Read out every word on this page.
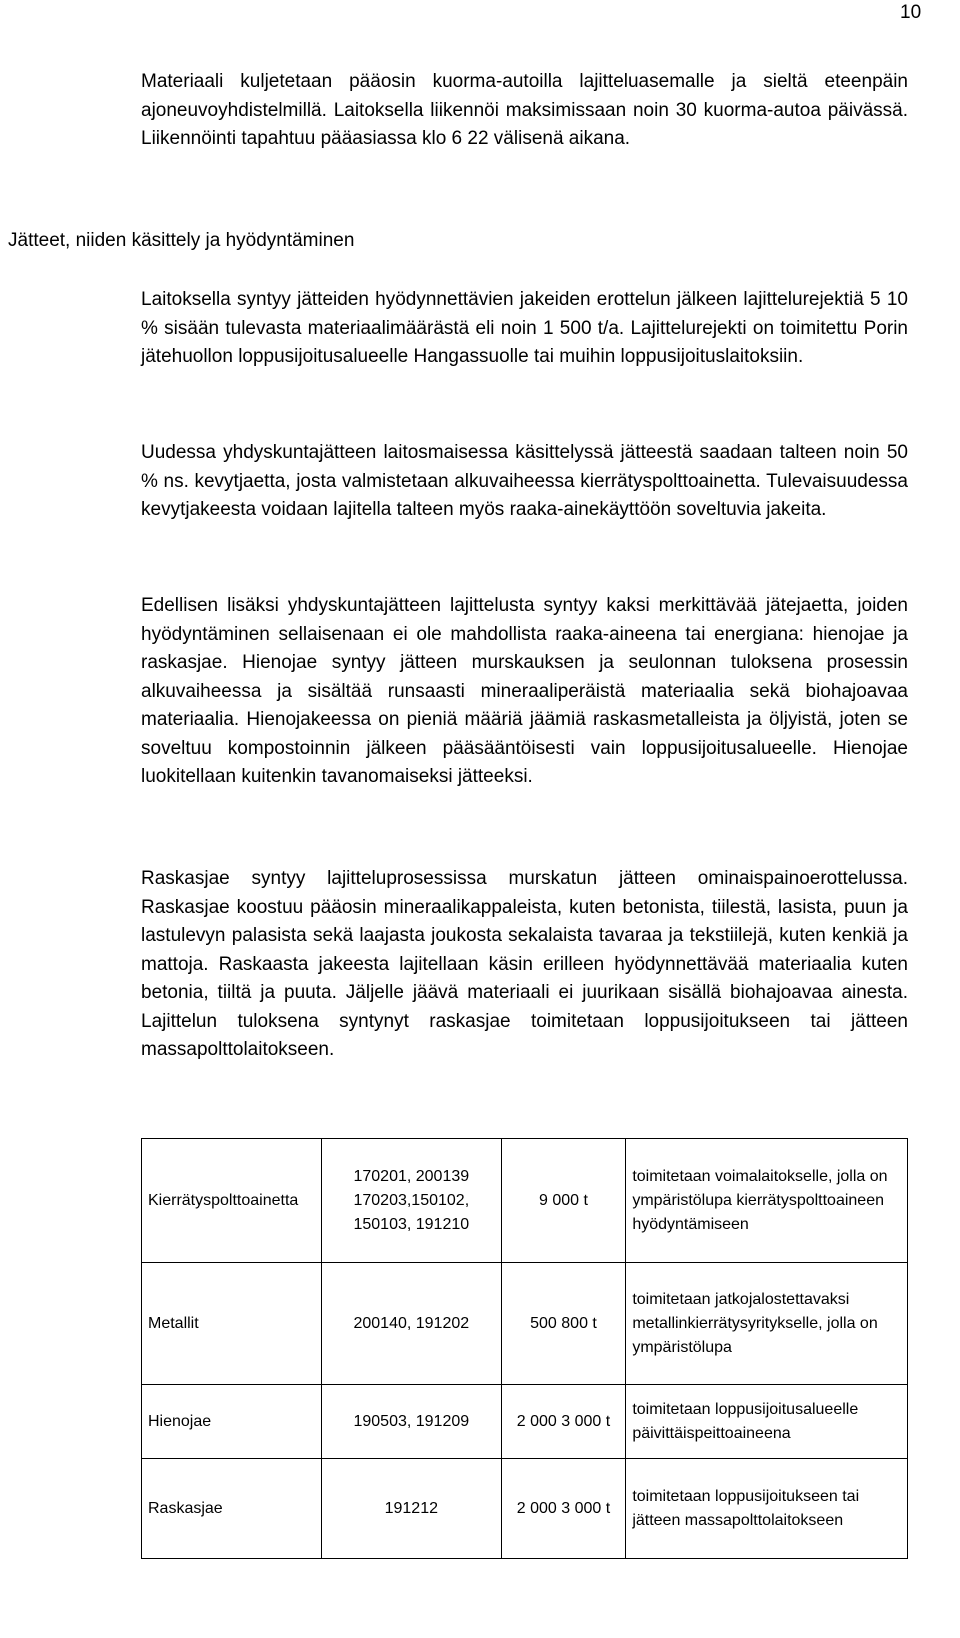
10

Materiaali kuljetetaan pääosin kuorma-autoilla lajitteluasemalle ja sieltä eteenpäin ajoneuvoyhdistelmillä. Laitoksella liikennöi maksimissaan noin 30 kuorma-autoa päivässä. Liikennöinti tapahtuu pääasiassa klo 6 22 välisenä aikana.

Jätteet, niiden käsittely ja hyödyntäminen

Laitoksella syntyy jätteiden hyödynnettävien jakeiden erottelun jälkeen lajittelurejektiä 5 10 % sisään tulevasta materiaalimäärästä eli noin 1 500 t/a. Lajittelurejekti on toimitettu Porin jätehuollon loppusijoitusalueelle Hangassuolle tai muihin loppusijoituslaitoksiin.

Uudessa yhdyskuntajätteen laitosmaisessa käsittelyssä jätteestä saadaan talteen noin 50 % ns. kevytjaetta, josta valmistetaan alkuvaiheessa kierrätyspolttoainetta. Tulevaisuudessa kevytjakeesta voidaan lajitella talteen myös raaka-ainekäyttöön soveltuvia jakeita.

Edellisen lisäksi yhdyskuntajätteen lajittelusta syntyy kaksi merkittävää jätejaetta, joiden hyödyntäminen sellaisenaan ei ole mahdollista raaka-aineena tai energiana: hienojae ja raskasjae. Hienojae syntyy jätteen murskauksen ja seulonnan tuloksena prosessin alkuvaiheessa ja sisältää runsaasti mineraaliperäistä materiaalia sekä biohajoavaa materiaalia. Hienojakeessa on pieniä määriä jäämiä raskasmetalleista ja öljyistä, joten se soveltuu kompostoinnin jälkeen pääsääntöisesti vain loppusijoitusalueelle. Hienojae luokitellaan kuitenkin tavanomaiseksi jätteeksi.

Raskasjae syntyy lajitteluprosessissa murskatun jätteen ominaispainoerottelussa. Raskasjae koostuu pääosin mineraalikappaleista, kuten betonista, tiilestä, lasista, puun ja lastulevyn palasista sekä laajasta joukosta sekalaista tavaraa ja tekstiilejä, kuten kenkiä ja mattoja. Raskaasta jakeesta lajitellaan käsin erilleen hyödynnettävää materiaalia kuten betonia, tiiltä ja puuta. Jäljelle jäävä materiaali ei juurikaan sisällä biohajoavaa ainesta. Lajittelun tuloksena syntynyt raskasjae toimitetaan loppusijoitukseen tai jätteen massapolttolaitokseen.

Kierrätyspolttoainetta	170201, 200139 170203,150102, 150103, 191210	9 000 t	toimitetaan voimalaitokselle, jolla on ympäristölupa kierrätyspolttoaineen hyödyntämiseen
Metallit	200140, 191202	500 800 t	toimitetaan jatkojalostettavaksi metallinkierrätysyritykselle, jolla on ympäristölupa
Hienojae	190503, 191209	2 000 3 000 t	toimitetaan loppusijoitusalueelle päivittäispeittoaineena
Raskasjae	191212	2 000 3 000 t	toimitetaan loppusijoitukseen tai jätteen massapolttolaitokseen
